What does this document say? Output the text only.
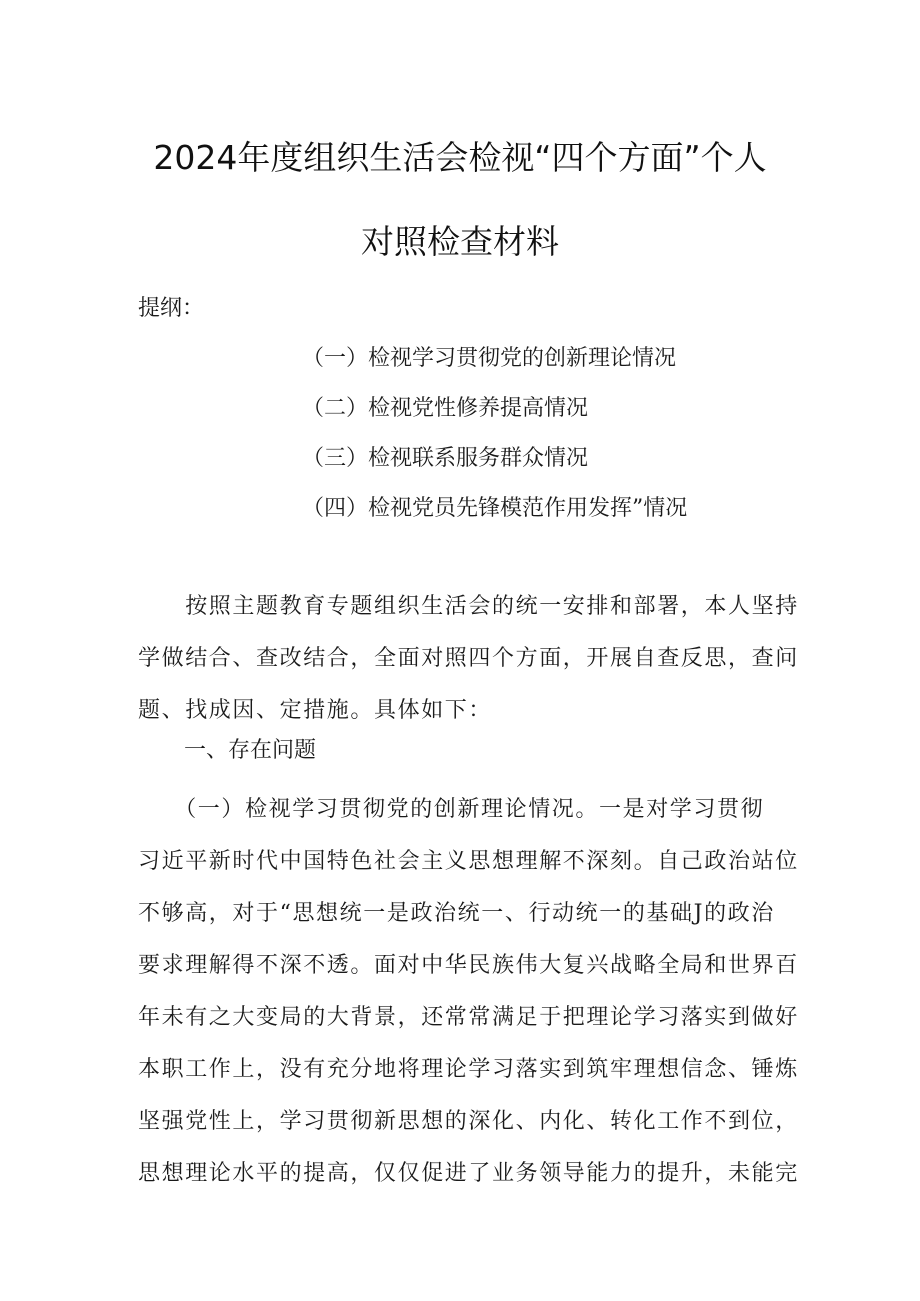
2024年度组织生活会检视“四个方面”个人
对照检查材料
提纲：
（一）检视学习贯彻党的创新理论情况
（二）检视党性修养提高情况
（三）检视联系服务群众情况
（四）检视党员先锋模范作用发挥”情况
　　按照主题教育专题组织生活会的统一安排和部署，本人坚持
学做结合、查改结合，全面对照四个方面，开展自查反思，查问
题、找成因、定措施。具体如下：
一、存在问题
　　（一）检视学习贯彻党的创新理论情况。一是对学习贯彻
习近平新时代中国特色社会主义思想理解不深刻。自己政治站位
不够高，对于“思想统一是政治统一、行动统一的基础J的政治
要求理解得不深不透。面对中华民族伟大复兴战略全局和世界百
年未有之大变局的大背景，还常常满足于把理论学习落实到做好
本职工作上，没有充分地将理论学习落实到筑牢理想信念、锤炼
坚强党性上，学习贯彻新思想的深化、内化、转化工作不到位，
思想理论水平的提高，仅仅促进了业务领导能力的提升，未能完
